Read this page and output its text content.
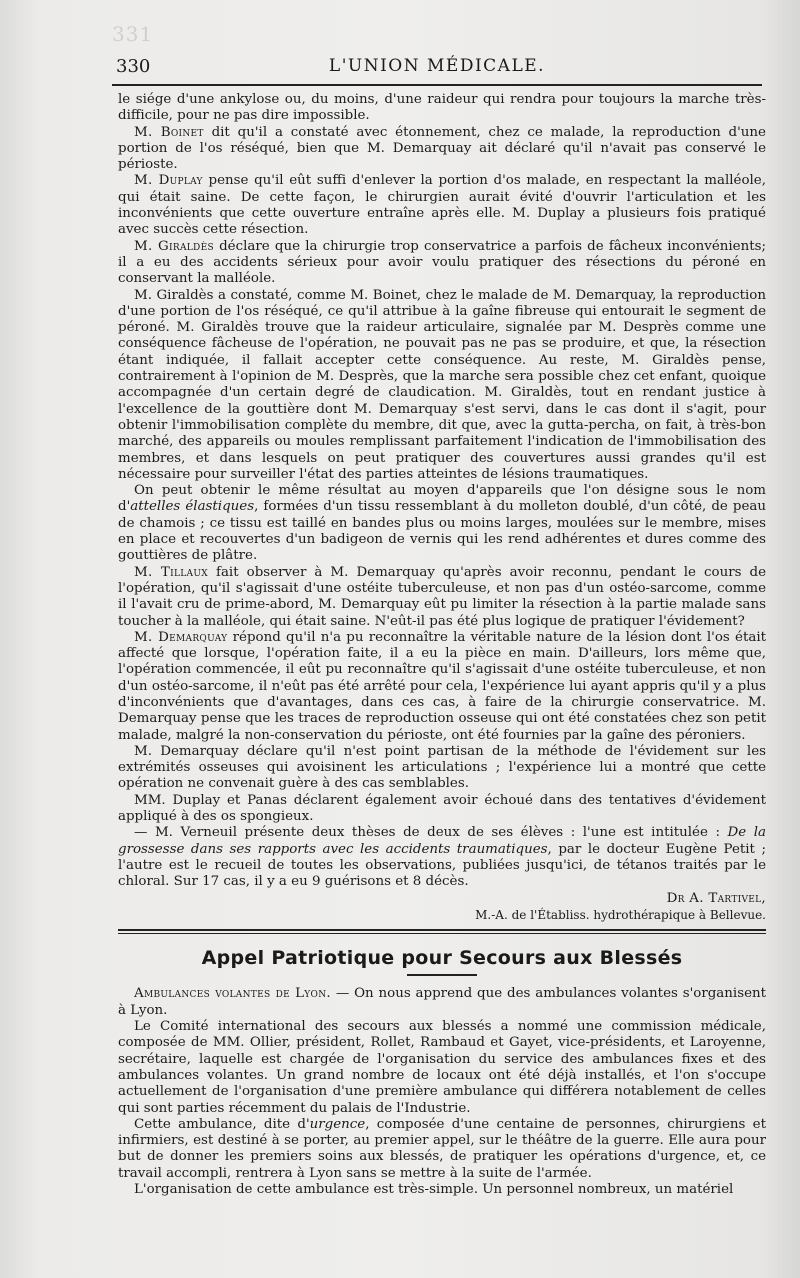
331
330	L'UNION MÉDICALE.

le siége d'une ankylose ou, du moins, d'une raideur qui rendra pour toujours la marche très-difficile, pour ne pas dire impossible.

M. Boinet dit qu'il a constaté avec étonnement, chez ce malade, la reproduction d'une portion de l'os réséqué, bien que M. Demarquay ait déclaré qu'il n'avait pas conservé le périoste.

M. Duplay pense qu'il eût suffi d'enlever la portion d'os malade, en respectant la malléole, qui était saine. De cette façon, le chirurgien aurait évité d'ouvrir l'articulation et les inconvénients que cette ouverture entraîne après elle. M. Duplay a plusieurs fois pratiqué avec succès cette résection.

M. Giraldès déclare que la chirurgie trop conservatrice a parfois de fâcheux inconvénients; il a eu des accidents sérieux pour avoir voulu pratiquer des résections du péroné en conservant la malléole.

M. Giraldès a constaté, comme M. Boinet, chez le malade de M. Demarquay, la reproduction d'une portion de l'os réséqué, ce qu'il attribue à la gaîne fibreuse qui entourait le segment de péroné. M. Giraldès trouve que la raideur articulaire, signalée par M. Desprès comme une conséquence fâcheuse de l'opération, ne pouvait pas ne pas se produire, et que, la résection étant indiquée, il fallait accepter cette conséquence. Au reste, M. Giraldès pense, contrairement à l'opinion de M. Desprès, que la marche sera possible chez cet enfant, quoique accompagnée d'un certain degré de claudication. M. Giraldès, tout en rendant justice à l'excellence de la gouttière dont M. Demarquay s'est servi, dans le cas dont il s'agit, pour obtenir l'immobilisation complète du membre, dit que, avec la gutta-percha, on fait, à très-bon marché, des appareils ou moules remplissant parfaitement l'indication de l'immobilisation des membres, et dans lesquels on peut pratiquer des couvertures aussi grandes qu'il est nécessaire pour surveiller l'état des parties atteintes de lésions traumatiques.

On peut obtenir le même résultat au moyen d'appareils que l'on désigne sous le nom d'attelles élastiques, formées d'un tissu ressemblant à du molleton doublé, d'un côté, de peau de chamois ; ce tissu est taillé en bandes plus ou moins larges, moulées sur le membre, mises en place et recouvertes d'un badigeon de vernis qui les rend adhérentes et dures comme des gouttières de plâtre.

M. Tillaux fait observer à M. Demarquay qu'après avoir reconnu, pendant le cours de l'opération, qu'il s'agissait d'une ostéite tuberculeuse, et non pas d'un ostéo-sarcome, comme il l'avait cru de prime-abord, M. Demarquay eût pu limiter la résection à la partie malade sans toucher à la malléole, qui était saine. N'eût-il pas été plus logique de pratiquer l'évidement?

M. Demarquay répond qu'il n'a pu reconnaître la véritable nature de la lésion dont l'os était affecté que lorsque, l'opération faite, il a eu la pièce en main. D'ailleurs, lors même que, l'opération commencée, il eût pu reconnaître qu'il s'agissait d'une ostéite tuberculeuse, et non d'un ostéo-sarcome, il n'eût pas été arrêté pour cela, l'expérience lui ayant appris qu'il y a plus d'inconvénients que d'avantages, dans ces cas, à faire de la chirurgie conservatrice. M. Demarquay pense que les traces de reproduction osseuse qui ont été constatées chez son petit malade, malgré la non-conservation du périoste, ont été fournies par la gaîne des péroniers.

M. Demarquay déclare qu'il n'est point partisan de la méthode de l'évidement sur les extrémités osseuses qui avoisinent les articulations ; l'expérience lui a montré que cette opération ne convenait guère à des cas semblables.

MM. Duplay et Panas déclarent également avoir échoué dans des tentatives d'évidement appliqué à des os spongieux.

— M. Verneuil présente deux thèses de deux de ses élèves : l'une est intitulée : De la grossesse dans ses rapports avec les accidents traumatiques, par le docteur Eugène Petit ; l'autre est le recueil de toutes les observations, publiées jusqu'ici, de tétanos traités par le chloral. Sur 17 cas, il y a eu 9 guérisons et 8 décès.

Dr A. Tartivel,

M.-A. de l'Établiss. hydrothérapique à Bellevue.

Appel Patriotique pour Secours aux Blessés

Ambulances volantes de Lyon. — On nous apprend que des ambulances volantes s'organisent à Lyon.

Le Comité international des secours aux blessés a nommé une commission médicale, composée de MM. Ollier, président, Rollet, Rambaud et Gayet, vice-présidents, et Laroyenne, secrétaire, laquelle est chargée de l'organisation du service des ambulances fixes et des ambulances volantes. Un grand nombre de locaux ont été déjà installés, et l'on s'occupe actuellement de l'organisation d'une première ambulance qui différera notablement de celles qui sont parties récemment du palais de l'Industrie.

Cette ambulance, dite d'urgence, composée d'une centaine de personnes, chirurgiens et infirmiers, est destiné à se porter, au premier appel, sur le théâtre de la guerre. Elle aura pour but de donner les premiers soins aux blessés, de pratiquer les opérations d'urgence, et, ce travail accompli, rentrera à Lyon sans se mettre à la suite de l'armée.

L'organisation de cette ambulance est très-simple. Un personnel nombreux, un matériel
